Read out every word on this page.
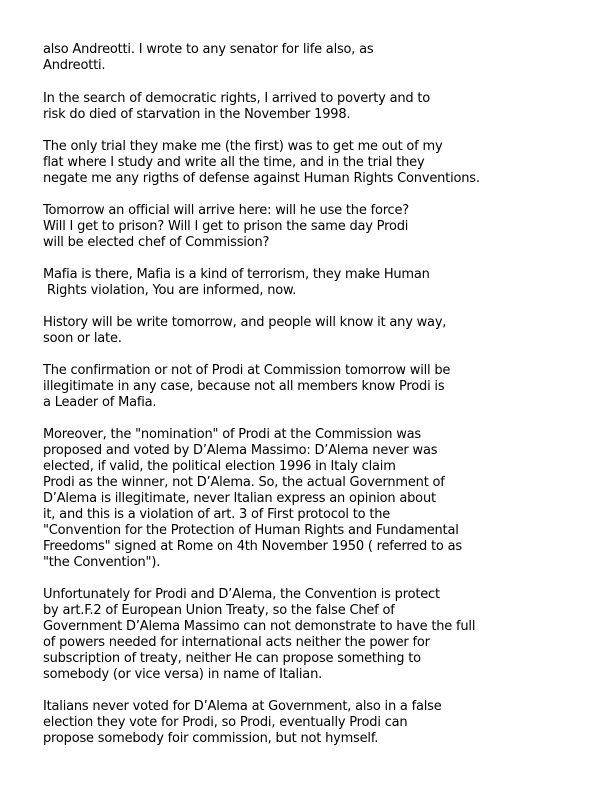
also Andreotti. I wrote to any senator for life also, as
Andreotti.
In the search of democratic rights, I arrived to poverty and to
risk do died of starvation in the November 1998.
The only trial they make me (the first) was to get me out of my
flat where I study and write all the time, and in the trial they
negate me any rigths of defense against Human Rights Conventions.
Tomorrow an official will arrive here: will he use the force?
Will I get to prison? Will I get to prison the same day Prodi
will be elected chef of Commission?
Mafia is there, Mafia is a kind of terrorism, they make Human
Rights violation, You are informed, now.
History will be write tomorrow, and people will know it any way,
soon or late.
The confirmation or not of Prodi at Commission tomorrow will be
illegitimate in any case, because not all members know Prodi is
a Leader of Mafia.
Moreover, the "nomination" of Prodi at the Commission was
proposed and voted by D’Alema Massimo: D’Alema never was
elected, if valid, the political election 1996 in Italy claim
Prodi as the winner, not D’Alema. So, the actual Government of
D’Alema is illegitimate, never Italian express an opinion about
it, and this is a violation of art. 3 of First protocol to the
"Convention for the Protection of Human Rights and Fundamental
Freedoms" signed at Rome on 4th November 1950 ( referred to as
"the Convention").
Unfortunately for Prodi and D’Alema, the Convention is protect
by art.F.2 of European Union Treaty, so the false Chef of
Government D’Alema Massimo can not demonstrate to have the full
of powers needed for international acts neither the power for
subscription of treaty, neither He can propose something to
somebody (or vice versa) in name of Italian.
Italians never voted for D’Alema at Government, also in a false
election they vote for Prodi, so Prodi, eventually Prodi can
propose somebody foir commission, but not hymself.
